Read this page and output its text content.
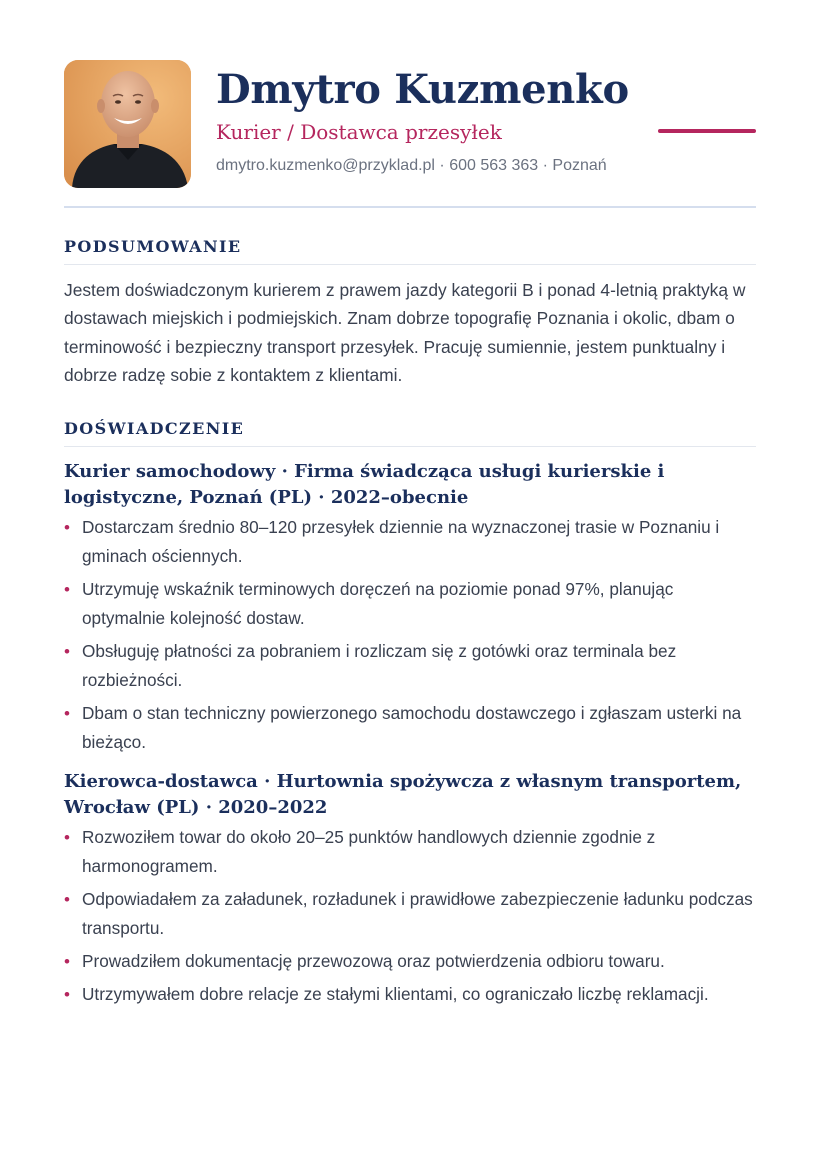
Dmytro Kuzmenko
Kurier / Dostawca przesyłek
dmytro.kuzmenko@przyklad.pl · 600 563 363 · Poznań
PODSUMOWANIE

Jestem doświadczonym kurierem z prawem jazdy kategorii B i ponad 4-letnią praktyką w dostawach miejskich i podmiejskich. Znam dobrze topografię Poznania i okolic, dbam o terminowość i bezpieczny transport przesyłek. Pracuję sumiennie, jestem punktualny i dobrze radzę sobie z kontaktem z klientami.

DOŚWIADCZENIE
Kurier samochodowy · Firma świadcząca usługi kurierskie i logistyczne, Poznań (PL) · 2022–obecnie
• Dostarczam średnio 80–120 przesyłek dziennie na wyznaczonej trasie w Poznaniu i gminach ościennych.
• Utrzymuję wskaźnik terminowych doręczeń na poziomie ponad 97%, planując optymalnie kolejność dostaw.
• Obsługuję płatności za pobraniem i rozliczam się z gotówki oraz terminala bez rozbieżności.
• Dbam o stan techniczny powierzonego samochodu dostawczego i zgłaszam usterki na bieżąco.
Kierowca-dostawca · Hurtownia spożywcza z własnym transportem, Wrocław (PL) · 2020–2022
• Rozwoziłem towar do około 20–25 punktów handlowych dziennie zgodnie z harmonogramem.
• Odpowiadałem za załadunek, rozładunek i prawidłowe zabezpieczenie ładunku podczas transportu.
• Prowadziłem dokumentację przewozową oraz potwierdzenia odbioru towaru.
• Utrzymywałem dobre relacje ze stałymi klientami, co ograniczało liczbę reklamacji.
